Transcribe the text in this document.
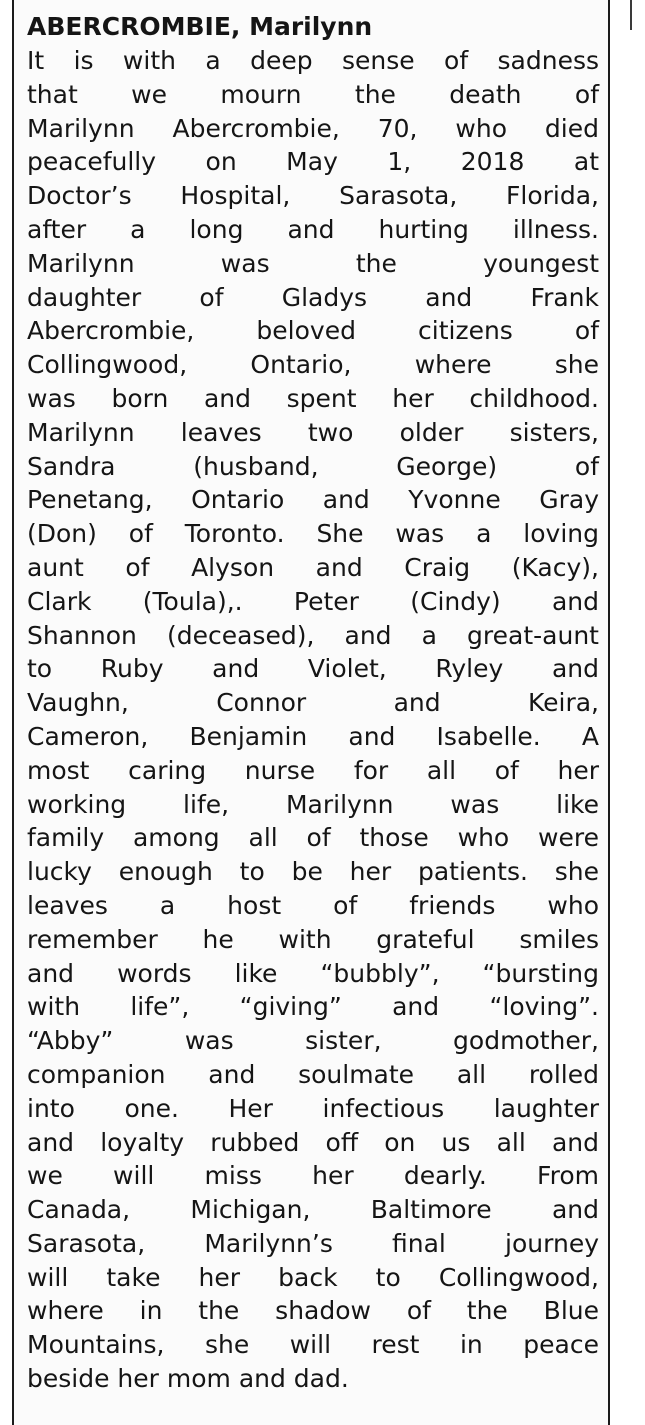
ABERCROMBIE, Marilynn
It is with a deep sense of sadness
that we mourn the death of
Marilynn Abercrombie, 70, who died
peacefully on May 1, 2018 at
Doctor’s Hospital, Sarasota, Florida,
after a long and hurting illness.
Marilynn was the youngest
daughter of Gladys and Frank
Abercrombie, beloved citizens of
Collingwood, Ontario, where she
was born and spent her childhood.
Marilynn leaves two older sisters,
Sandra (husband, George) of
Penetang, Ontario and Yvonne Gray
(Don) of Toronto. She was a loving
aunt of Alyson and Craig (Kacy),
Clark (Toula),. Peter (Cindy) and
Shannon (deceased), and a great-aunt
to Ruby and Violet, Ryley and
Vaughn, Connor and Keira,
Cameron, Benjamin and Isabelle. A
most caring nurse for all of her
working life, Marilynn was like
family among all of those who were
lucky enough to be her patients. she
leaves a host of friends who
remember he with grateful smiles
and words like “bubbly”, “bursting
with life”, “giving” and “loving”.
“Abby” was sister, godmother,
companion and soulmate all rolled
into one. Her infectious laughter
and loyalty rubbed off on us all and
we will miss her dearly. From
Canada, Michigan, Baltimore and
Sarasota, Marilynn’s final journey
will take her back to Collingwood,
where in the shadow of the Blue
Mountains, she will rest in peace
beside her mom and dad.
